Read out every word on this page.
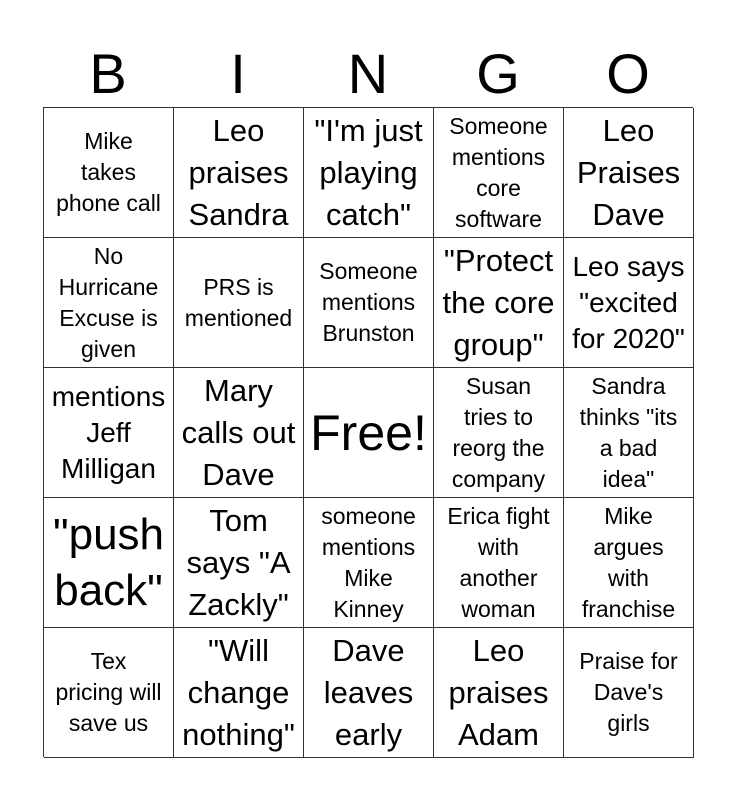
B	I	N	G	O
Mike
takes
phone call
Leo
praises
Sandra
"I'm just
playing
catch"
Someone
mentions
core
software
Leo
Praises
Dave
No
Hurricane
Excuse is
given
PRS is
mentioned
Someone
mentions
Brunston
"Protect
the core
group"
Leo says
"excited
for 2020"
mentions
Jeff
Milligan
Mary
calls out
Dave
Free!
Susan
tries to
reorg the
company
Sandra
thinks "its
a bad
idea"
"push
back"
Tom
says "A
Zackly"
someone
mentions
Mike
Kinney
Erica fight
with
another
woman
Mike
argues
with
franchise
Tex
pricing will
save us
"Will
change
nothing"
Dave
leaves
early
Leo
praises
Adam
Praise for
Dave's
girls
